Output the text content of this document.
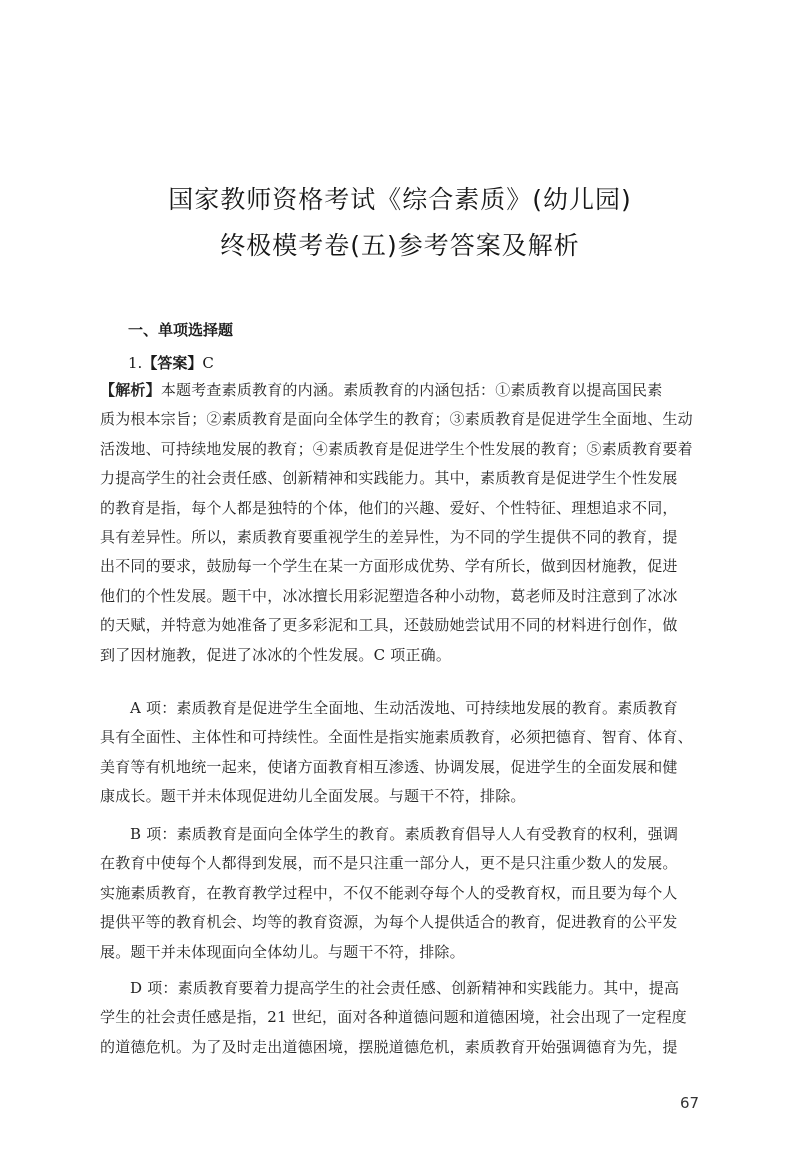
国家教师资格考试《综合素质》(幼儿园)
终极模考卷(五)参考答案及解析
一、单项选择题
1.【答案】C
【解析】本题考查素质教育的内涵。素质教育的内涵包括：①素质教育以提高国民素
质为根本宗旨；②素质教育是面向全体学生的教育；③素质教育是促进学生全面地、生动
活泼地、可持续地发展的教育；④素质教育是促进学生个性发展的教育；⑤素质教育要着
力提高学生的社会责任感、创新精神和实践能力。其中，素质教育是促进学生个性发展
的教育是指，每个人都是独特的个体，他们的兴趣、爱好、个性特征、理想追求不同，
具有差异性。所以，素质教育要重视学生的差异性，为不同的学生提供不同的教育，提
出不同的要求，鼓励每一个学生在某一方面形成优势、学有所长，做到因材施教，促进
他们的个性发展。题干中，冰冰擅长用彩泥塑造各种小动物，葛老师及时注意到了冰冰
的天赋，并特意为她准备了更多彩泥和工具，还鼓励她尝试用不同的材料进行创作，做
到了因材施教，促进了冰冰的个性发展。C 项正确。
A 项：素质教育是促进学生全面地、生动活泼地、可持续地发展的教育。素质教育
具有全面性、主体性和可持续性。全面性是指实施素质教育，必须把德育、智育、体育、
美育等有机地统一起来，使诸方面教育相互渗透、协调发展，促进学生的全面发展和健
康成长。题干并未体现促进幼儿全面发展。与题干不符，排除。
B 项：素质教育是面向全体学生的教育。素质教育倡导人人有受教育的权利，强调
在教育中使每个人都得到发展，而不是只注重一部分人，更不是只注重少数人的发展。
实施素质教育，在教育教学过程中，不仅不能剥夺每个人的受教育权，而且要为每个人
提供平等的教育机会、均等的教育资源，为每个人提供适合的教育，促进教育的公平发
展。题干并未体现面向全体幼儿。与题干不符，排除。
D 项：素质教育要着力提高学生的社会责任感、创新精神和实践能力。其中，提高
学生的社会责任感是指，21 世纪，面对各种道德问题和道德困境，社会出现了一定程度
的道德危机。为了及时走出道德困境，摆脱道德危机，素质教育开始强调德育为先，提
67
